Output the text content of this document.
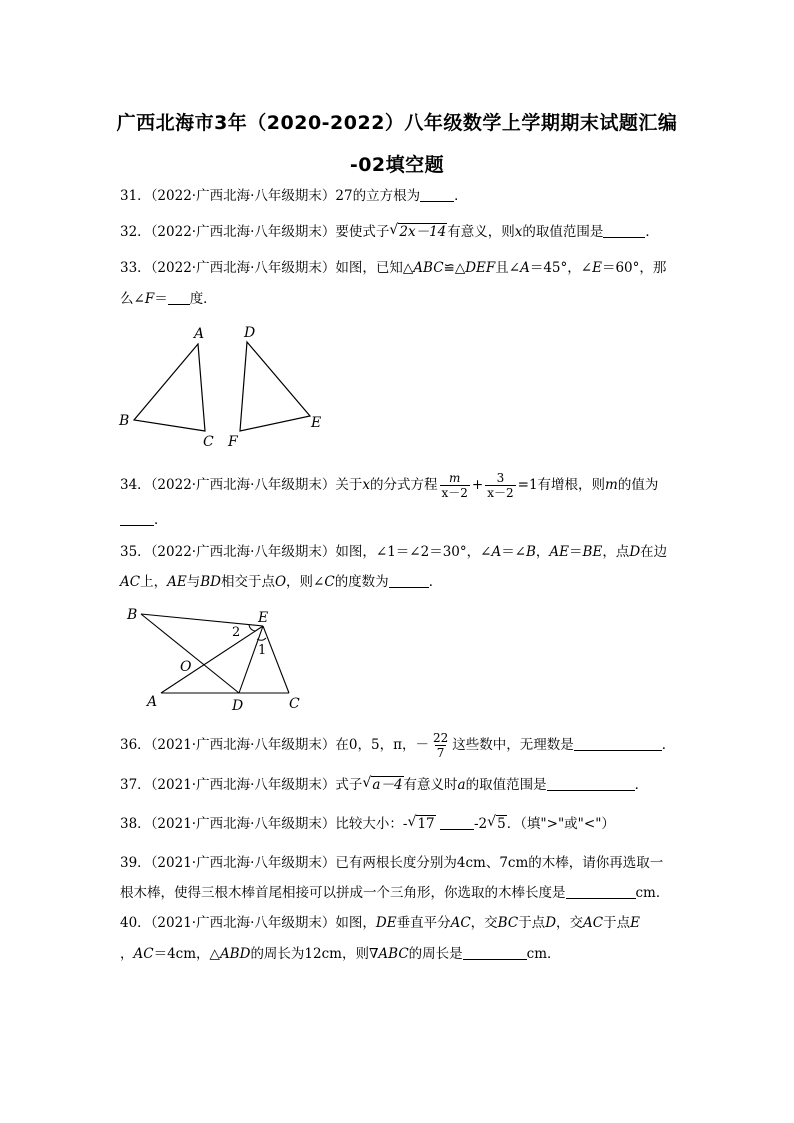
广西北海市3年（2020-2022）八年级数学上学期期末试题汇编
-02填空题
31．（2022·广西北海·八年级期末）27的立方根为	．
32．（2022·广西北海·八年级期末）要使式子 √ 2x－14有意义，则x的取值范围是	．
33．（2022·广西北海·八年级期末）如图，已知△ABC≌△DEF且∠A＝45°，∠E＝60°，那
么∠F＝ 度．
A
B
C
D
E
F
34．（2022·广西北海·八年级期末）关于x的分式方程 $\frac{m}{x-2} + \frac{3}{x-2} =1$有增根，则m的值为
．
35．（2022·广西北海·八年级期末）如图，∠1＝∠2＝30°，∠A＝∠B，AE＝BE，点D在边
AC上，AE与BD相交于点O，则∠C的度数为	．
B	E
A	D	C
O
1
2
36．（2021·广西北海·八年级期末）在0，5，π，－ $\frac{22}{7}$ 这些数中，无理数是	．
37．（2021·广西北海·八年级期末）式子 √ a－4有意义时a的取值范围是	．
38．（2021·广西北海·八年级期末）比较大小：- √ 17	-2 √ 5．（填">"或"<"）
39．（2021·广西北海·八年级期末）已有两根长度分别为4cm、7cm的木棒，请你再选取一
根木棒，使得三根木棒首尾相接可以拼成一个三角形，你选取的木棒长度是	cm．
40．（2021·广西北海·八年级期末）如图，DE垂直平分AC，交BC于点D，交AC于点E
，AC＝4cm，△ABD的周长为12cm，则∇ABC的周长是	cm．
